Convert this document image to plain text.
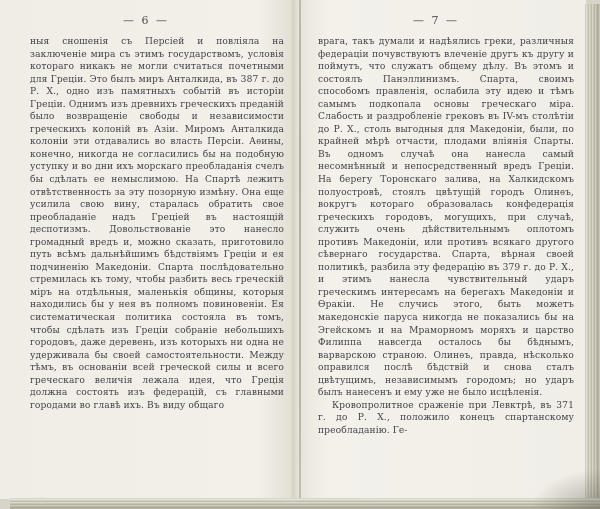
— 6 —

ныя сношенія съ Персіей и повліяла на заключеніе мира съ этимъ государствомъ, условія котораго никакъ не могли считаться почетными для Греціи. Это былъ миръ Анталкида, въ 387 г. до Р. Х., одно изъ памятныхъ событій въ исторіи Греціи. Однимъ изъ древнихъ греческихъ преданій было возвращеніе свободы и независимости греческихъ колоній въ Азіи. Миромъ Анталкида колоніи эти отдавались во власть Персіи. Аѳины, конечно, никогда не согласились бы на подобную уступку и во дни ихъ морскаго преобладанія счелъ бы сдѣлать ее немыслимою. На Спартѣ лежитъ отвѣтственность за эту позорную измѣну. Она еще усилила свою вину, старалась обратить свое преобладаніе надъ Греціей въ настоящій деспотизмъ. Довольствованіе это нанесло громадный вредъ и, можно сказать, приготовило путь всѣмъ дальнѣйшимъ бѣдствіямъ Греціи и ея подчиненію Македоніи. Спарта послѣдовательно стремилась къ тому, чтобы разбить весь греческій міръ на отдѣльныя, маленькія общины, которыя находились бы у нея въ полномъ повиновеніи. Ея систематическая политика состояла въ томъ, чтобы сдѣлать изъ Греціи собраніе небольшихъ городовъ, даже деревень, изъ которыхъ ни одна не удерживала бы своей самостоятельности. Между тѣмъ, въ основаніи всей греческой силы и всего греческаго величія лежала идея, что Греція должна состоять изъ федерацій, съ главными городами во главѣ ихъ. Въ виду общаго

— 7 —

врага, такъ думали и надѣялись греки, различныя федераціи почувствуютъ влеченіе другъ къ другу и поймутъ, что служатъ общему дѣлу. Въ этомъ и состоялъ Панэллинизмъ. Спарта, своимъ способомъ правленія, ослабила эту идею и тѣмъ самымъ подкопала основы греческаго міра. Слабость и раздробленіе грековъ въ IV-мъ столѣтіи до Р. Х., столь выгодныя для Македоніи, были, по крайней мѣрѣ отчасти, плодами вліянія Спарты. Въ одномъ случаѣ она нанесла самый несомнѣнный и непосредственный вредъ Греціи. На берегу Торонскаго залива, на Халкидскомъ полуостровѣ, стоялъ цвѣтущій городъ Олинѳъ, вокругъ котораго образовалась конфедерація греческихъ городовъ, могущихъ, при случаѣ, служить очень дѣйствительнымъ оплотомъ противъ Македоніи, или противъ всякаго другого сѣвернаго государства. Спарта, вѣрная своей политикѣ, разбила эту федерацію въ 379 г. до Р. Х., и этимъ нанесла чувствительный ударъ греческимъ интересамъ на берегахъ Македоніи и Ѳракіи. Не случись этого, быть можетъ македонскіе паруса никогда не показались бы на Эгейскомъ и на Мраморномъ моряхъ и царство Филиппа навсегда осталось бы бѣднымъ, варварскою страною. Олинѳъ, правда, нѣсколько оправился послѣ бѣдствій и снова сталъ цвѣтущимъ, независимымъ городомъ; но ударъ былъ нанесенъ и ему уже не было исцѣленія.

Кровопролитное сраженіе при Левктрѣ, въ 371 г. до Р. Х., положило конецъ спартанскому преобладанію. Ге-
